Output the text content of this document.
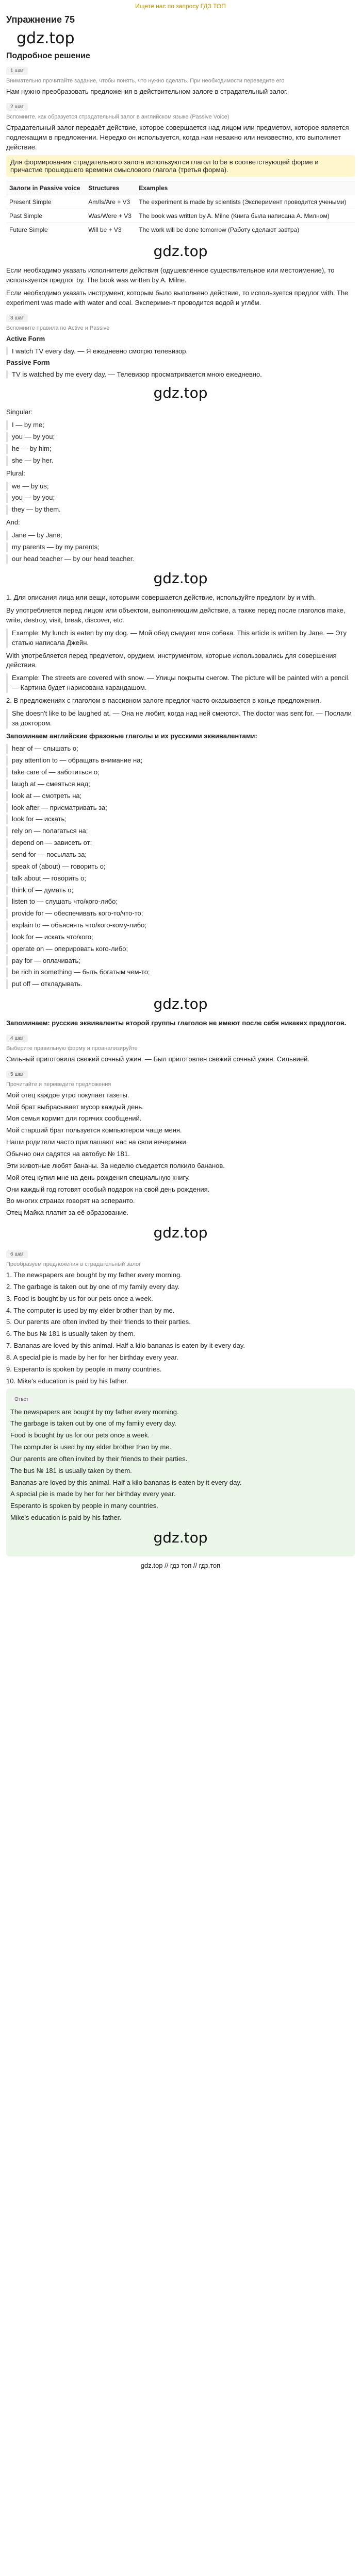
Ищете нас по запросу ГДЗ ТОП
Упражнение 75
gdz.top
Подробное решение
1 шаг
Внимательно прочитайте задание, чтобы понять, что нужно сделать. При необходимости переведите его

Нам нужно преобразовать предложения в действительном залоге в страдательный залог.

2 шаг
Вспомните, как образуется страдательный залог в английском языке (Passive Voice)

Страдательный залог передаёт действие, которое совершается над лицом или предметом, которое является подлежащим в предложении. Нередко он используется, когда нам неважно или неизвестно, кто выполняет действие.

Для формирования страдательного залога используются глагол to be в соответствующей форме и причастие прошедшего времени смыслового глагола (третья форма).
Залоги in Passive voice	Structures	Examples
Present Simple	Am/Is/Are + V3	The experiment is made by scientists (Эксперимент проводится учеными)
Past Simple	Was/Were + V3	The book was written by A. Milne (Книга была написана А. Милном)
Future Simple	Will be + V3	The work will be done tomorrow (Работу сделают завтра)
gdz.top

Если необходимо указать исполнителя действия (одушевлённое существительное или местоимение), то используется предлог by. The book was written by A. Milne.

Если необходимо указать инструмент, которым было выполнено действие, то используется предлог with. The experiment was made with water and coal. Эксперимент проводится водой и углём.

3 шаг
Вспомните правила по Active и Passive

Active Form

I watch TV every day. — Я ежедневно смотрю телевизор.

Passive Form

TV is watched by me every day. — Телевизор просматривается мною ежедневно.
gdz.top

Singular:

I — by me;

you — by you;

he — by him;

she — by her.

Plural:

we — by us;

you — by you;

they — by them.

And:

Jane — by Jane;

my parents — by my parents;

our head teacher — by our head teacher.

gdz.top

1. Для описания лица или вещи, которыми совершается действие, используйте предлоги by и with.

By употребляется перед лицом или объектом, выполняющим действие, а также перед после глаголов make, write, destroy, visit, break, discover, etc.

Example: My lunch is eaten by my dog. — Мой обед съедает моя собака. This article is written by Jane. — Эту статью написала Джейн.

With употребляется перед предметом, орудием, инструментом, которые использовались для совершения действия.

Example: The streets are covered with snow. — Улицы покрыты снегом. The picture will be painted with a pencil. — Картина будет нарисована карандашом.

2. В предложениях с глаголом в пассивном залоге предлог часто оказывается в конце предложения.

She doesn't like to be laughed at. — Она не любит, когда над ней смеются. The doctor was sent for. — Послали за доктором.

Запоминаем английские фразовые глаголы и их русскими эквивалентами:

hear of — слышать о;

pay attention to — обращать внимание на;

take care of — заботиться о;

laugh at — смеяться над;

look at — смотреть на;

look after — присматривать за;

look for — искать;

rely on — полагаться на;

depend on — зависеть от;

send for — посылать за;

speak of (about) — говорить о;

talk about — говорить о;

think of — думать о;

listen to — слушать что/кого-либо;

provide for — обеспечивать кого-то/что-то;

explain to — объяснять что/кого-кому-либо;

look for — искать что/кого;

operate on — оперировать кого-либо;

pay for — оплачивать;

be rich in something — быть богатым чем-то;

put off — откладывать.

gdz.top

Запоминаем: русские эквиваленты второй группы глаголов не имеют после себя никаких предлогов.

4 шаг
Выберите правильную форму и проанализируйте

Сильный приготовила свежий сочный ужин. — Был приготовлен свежий сочный ужин. Сильвией.

5 шаг
Прочитайте и переведите предложения

Мой отец каждое утро покупает газеты.

Мой брат выбрасывает мусор каждый день.

Моя семья кормит для горячих сообщений.

Мой старший брат пользуется компьютером чаще меня.

Наши родители часто приглашают нас на свои вечеринки.

Обычно они садятся на автобус № 181.

Эти животные любят бананы. За неделю съедается полкило бананов.

Мой отец купил мне на день рождения специальную книгу.

Они каждый год готовят особый подарок на свой день рождения.

Во многих странах говорят на эсперанто.

Отец Майка платит за её образование.

gdz.top
6 шаг
Преобразуем предложения в страдательный залог

1. The newspapers are bought by my father every morning.

2. The garbage is taken out by one of my family every day.

3. Food is bought by us for our pets once a week.

4. The computer is used by my elder brother than by me.

5. Our parents are often invited by their friends to their parties.

6. The bus № 181 is usually taken by them.

7. Bananas are loved by this animal. Half a kilo bananas is eaten by it every day.

8. A special pie is made by her for her birthday every year.

9. Esperanto is spoken by people in many countries.

10. Mike's education is paid by his father.

Ответ

The newspapers are bought by my father every morning.

The garbage is taken out by one of my family every day.

Food is bought by us for our pets once a week.

The computer is used by my elder brother than by me.

Our parents are often invited by their friends to their parties.

The bus № 181 is usually taken by them.

Bananas are loved by this animal. Half a kilo bananas is eaten by it every day.

A special pie is made by her for her birthday every year.

Esperanto is spoken by people in many countries.

Mike's education is paid by his father.

gdz.top
gdz.top // гдз топ // гдз.топ
